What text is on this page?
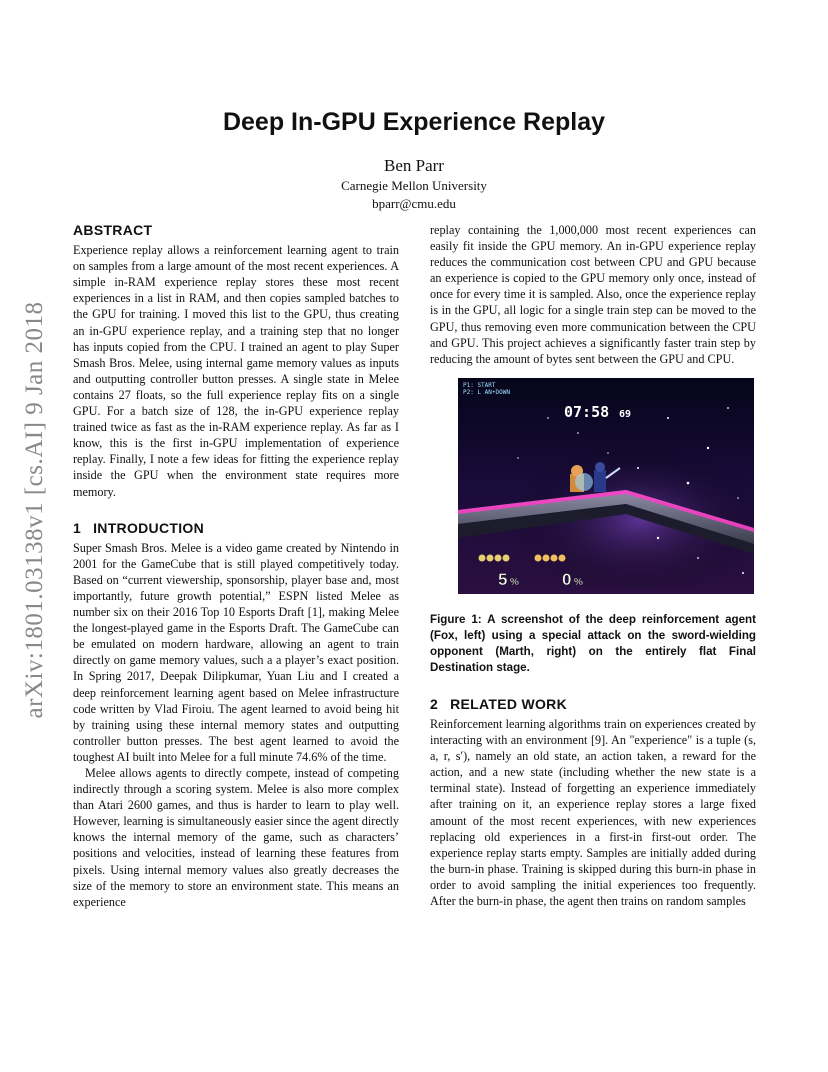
arXiv:1801.03138v1 [cs.AI] 9 Jan 2018
Deep In-GPU Experience Replay
Ben Parr
Carnegie Mellon University
bparr@cmu.edu
ABSTRACT

Experience replay allows a reinforcement learning agent to train on samples from a large amount of the most recent experiences. A simple in-RAM experience replay stores these most recent experiences in a list in RAM, and then copies sampled batches to the GPU for training. I moved this list to the GPU, thus creating an in-GPU experience replay, and a training step that no longer has inputs copied from the CPU. I trained an agent to play Super Smash Bros. Melee, using internal game memory values as inputs and outputting controller button presses. A single state in Melee contains 27 floats, so the full experience replay fits on a single GPU. For a batch size of 128, the in-GPU experience replay trained twice as fast as the in-RAM experience replay. As far as I know, this is the first in-GPU implementation of experience replay. Finally, I note a few ideas for fitting the experience replay inside the GPU when the environment state requires more memory.

1 INTRODUCTION

Super Smash Bros. Melee is a video game created by Nintendo in 2001 for the GameCube that is still played competitively today. Based on “current viewership, sponsorship, player base and, most importantly, future growth potential,” ESPN listed Melee as number six on their 2016 Top 10 Esports Draft [1], making Melee the longest-played game in the Esports Draft. The GameCube can be emulated on modern hardware, allowing an agent to train directly on game memory values, such a a player’s exact position. In Spring 2017, Deepak Dilipkumar, Yuan Liu and I created a deep reinforcement learning agent based on Melee infrastructure code written by Vlad Firoiu. The agent learned to avoid being hit by training using these internal memory states and outputting controller button presses. The best agent learned to avoid the toughest AI built into Melee for a full minute 74.6% of the time.

Melee allows agents to directly compete, instead of competing indirectly through a scoring system. Melee is also more complex than Atari 2600 games, and thus is harder to learn to play well. However, learning is simultaneously easier since the agent directly knows the internal memory of the game, such as characters’ positions and velocities, instead of learning these features from pixels. Using internal memory values also greatly decreases the size of the memory to store an environment state. This means an experience

replay containing the 1,000,000 most recent experiences can easily fit inside the GPU memory. An in-GPU experience replay reduces the communication cost between CPU and GPU because an experience is copied to the GPU memory only once, instead of once for every time it is sampled. Also, once the experience replay is in the GPU, all logic for a single train step can be moved to the GPU, thus removing even more communication between the CPU and GPU. This project achieves a significantly faster train step by reducing the amount of bytes sent between the GPU and CPU.

P1: START
P2: L AN•DOWN
07:58 69
5 %	0 %
Figure 1: A screenshot of the deep reinforcement agent (Fox, left) using a special attack on the sword-wielding opponent (Marth, right) on the entirely flat Final Destination stage.
2 RELATED WORK

Reinforcement learning algorithms train on experiences created by interacting with an environment [9]. An "experience" is a tuple (s, a, r, s′), namely an old state, an action taken, a reward for the action, and a new state (including whether the new state is a terminal state). Instead of forgetting an experience immediately after training on it, an experience replay stores a large fixed amount of the most recent experiences, with new experiences replacing old experiences in a first-in first-out order. The experience replay starts empty. Samples are initially added during the burn-in phase. Training is skipped during this burn-in phase in order to avoid sampling the initial experiences too frequently. After the burn-in phase, the agent then trains on random samples
